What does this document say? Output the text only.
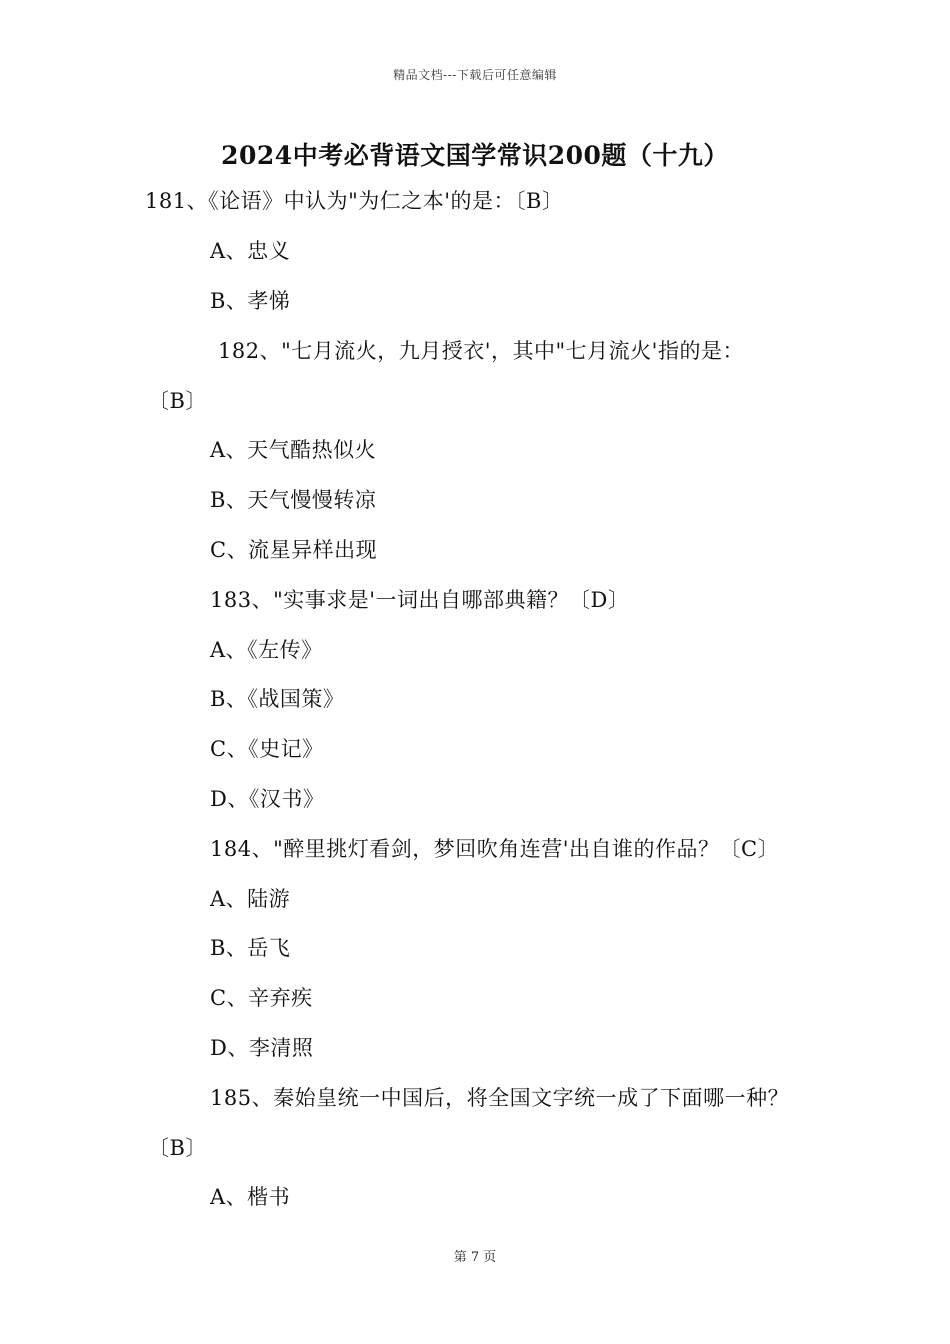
精品文档---下载后可任意编辑
2024中考必背语文国学常识200题（十九）
181、《论语》中认为"为仁之本'的是：〔B〕
A、忠义
B、孝悌
182、"七月流火，九月授衣'，其中"七月流火'指的是：
〔B〕
A、天气酷热似火
B、天气慢慢转凉
C、流星异样出现
183、"实事求是'一词出自哪部典籍？〔D〕
A、《左传》
B、《战国策》
C、《史记》
D、《汉书》
184、"醉里挑灯看剑，梦回吹角连营'出自谁的作品？〔C〕
A、陆游
B、岳飞
C、辛弃疾
D、李清照
185、秦始皇统一中国后，将全国文字统一成了下面哪一种？
〔B〕
A、楷书
第 7 页
